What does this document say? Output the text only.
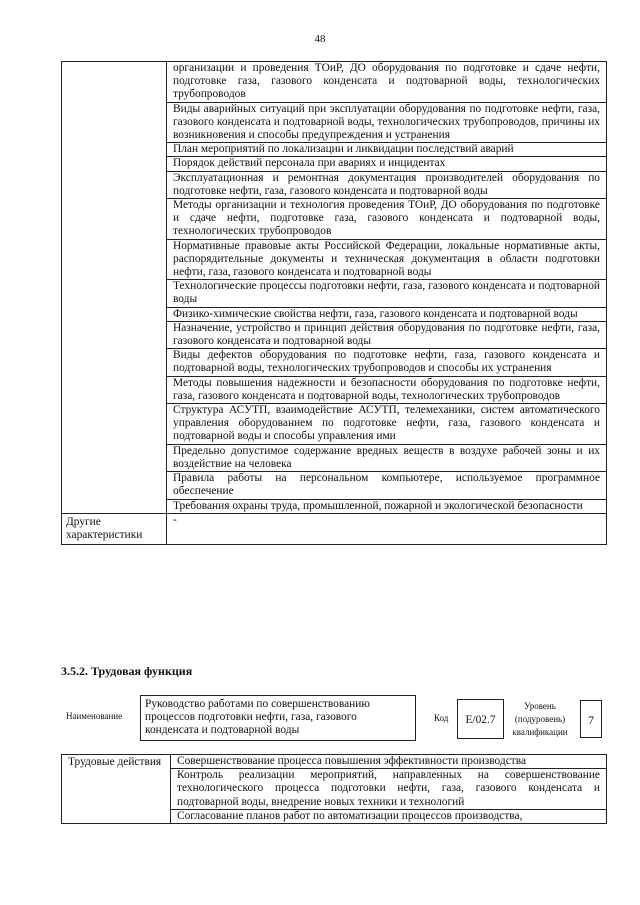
48
	организации и проведения ТОиР, ДО оборудования по подготовке и сдаче нефти, подготовке газа, газового конденсата и подтоварной воды, технологических трубопроводов
	Виды аварийных ситуаций при эксплуатации оборудования по подготовке нефти, газа, газового конденсата и подтоварной воды, технологических трубопроводов, причины их возникновения и способы предупреждения и устранения
	План мероприятий по локализации и ликвидации последствий аварий
	Порядок действий персонала при авариях и инцидентах
	Эксплуатационная и ремонтная документация производителей оборудования по подготовке нефти, газа, газового конденсата и подтоварной воды
	Методы организации и технология проведения ТОиР, ДО оборудования по подготовке и сдаче нефти, подготовке газа, газового конденсата и подтоварной воды, технологических трубопроводов
	Нормативные правовые акты Российской Федерации, локальные нормативные акты, распорядительные документы и техническая документация в области подготовки нефти, газа, газового конденсата и подтоварной воды
	Технологические процессы подготовки нефти, газа, газового конденсата и подтоварной воды
	Физико-химические свойства нефти, газа, газового конденсата и подтоварной воды
	Назначение, устройство и принцип действия оборудования по подготовке нефти, газа, газового конденсата и подтоварной воды
	Виды дефектов оборудования по подготовке нефти, газа, газового конденсата и подтоварной воды, технологических трубопроводов и способы их устранения
	Методы повышения надежности и безопасности оборудования по подготовке нефти, газа, газового конденсата и подтоварной воды, технологических трубопроводов
	Структура АСУТП, взаимодействие АСУТП, телемеханики, систем автоматического управления оборудованием по подготовке нефти, газа, газового конденсата и подтоварной воды и способы управления ими
	Предельно допустимое содержание вредных веществ в воздухе рабочей зоны и их воздействие на человека
	Правила работы на персональном компьютере, используемое программное обеспечение
	Требования охраны труда, промышленной, пожарной и экологической безопасности
Другие характеристики	-
3.5.2. Трудовая функция
Наименование
Руководство работами по совершенствованию процессов подготовки нефти, газа, газового конденсата и подтоварной воды
Код	Е/02.7
Уровень (подуровень) квалификации
7
Трудовые действия	Совершенствование процесса повышения эффективности производства
Контроль реализации мероприятий, направленных на совершенствование технологического процесса подготовки нефти, газа, газового конденсата и подтоварной воды, внедрение новых техники и технологий
Согласование планов работ по автоматизации процессов производства,
